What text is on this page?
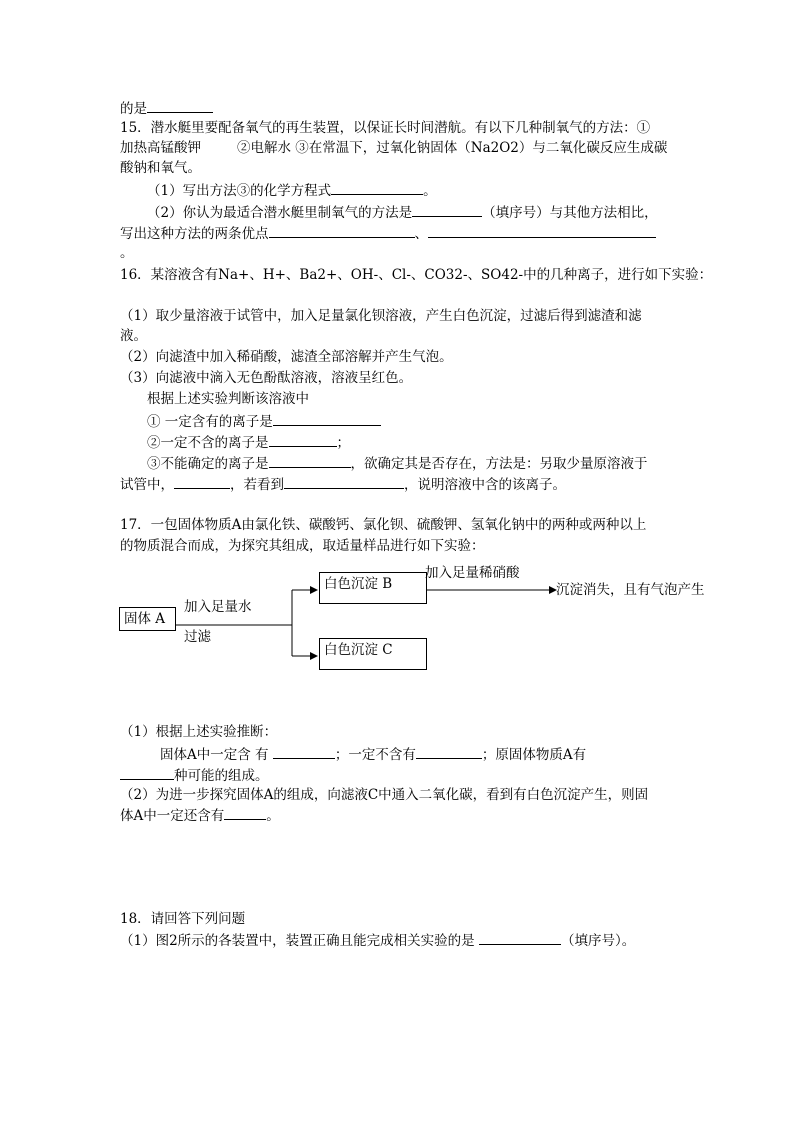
的是
15．潜水艇里要配备氧气的再生装置，以保证长时间潜航。有以下几种制氧气的方法：①
加热高锰酸钾	②电解水 ③在常温下，过氧化钠固体（Na2O2）与二氧化碳反应生成碳
酸钠和氧气。
（1）写出方法③的化学方程式	。
（2）你认为最适合潜水艇里制氧气的方法是	（填序号）与其他方法相比，
写出这种方法的两条优点	、
。
16．某溶液含有Na+、H+、Ba2+、OH-、Cl-、CO32-、SO42-中的几种离子，进行如下实验：
（1）取少量溶液于试管中，加入足量氯化钡溶液，产生白色沉淀，过滤后得到滤渣和滤
液。
（2）向滤渣中加入稀硝酸，滤渣全部溶解并产生气泡。
（3）向滤液中滴入无色酚酞溶液，溶液呈红色。
根据上述实验判断该溶液中
① 一定含有的离子是
②一定不含的离子是	；
③不能确定的离子是	，欲确定其是否存在，方法是：另取少量原溶液于
试管中，	，若看到	，说明溶液中含的该离子。
17．一包固体物质A由氯化铁、碳酸钙、氯化钡、硫酸钾、氢氧化钠中的两种或两种以上
的物质混合而成，为探究其组成，取适量样品进行如下实验：
固体 A
加入足量水
过滤
白色沉淀 B
白色沉淀 C
加入足量稀硝酸
沉淀消失，且有气泡产生
（1）根据上述实验推断：
固体A中一定含 有	；一定不含有	；原固体物质A有
种可能的组成。
（2）为进一步探究固体A的组成，向滤液C中通入二氧化碳，看到有白色沉淀产生，则固
体A中一定还含有	。
18．请回答下列问题
（1）图2所示的各装置中，装置正确且能完成相关实验的是	（填序号）。
